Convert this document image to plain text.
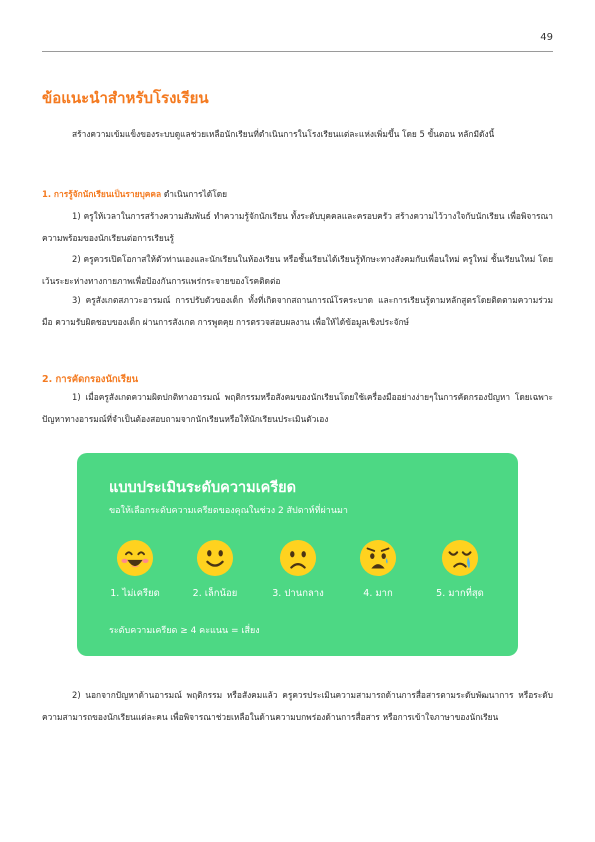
49
ข้อแนะนำสำหรับโรงเรียน

สร้างความเข้มแข็งของระบบดูแลช่วยเหลือนักเรียนที่ดำเนินการในโรงเรียนแต่ละแห่งเพิ่มขึ้น โดย 5 ขั้นตอน หลักมีดังนี้

1. การรู้จักนักเรียนเป็นรายบุคคล ดำเนินการได้โดย

1) ครูให้เวลาในการสร้างความสัมพันธ์ ทำความรู้จักนักเรียน ทั้งระดับบุคคลและครอบครัว สร้างความไว้วางใจกับนักเรียน เพื่อพิจารณาความพร้อมของนักเรียนต่อการเรียนรู้

2) ครูควรเปิดโอกาสให้ตัวท่านเองและนักเรียนในห้องเรียน หรือชั้นเรียนได้เรียนรู้ทักษะทางสังคมกับเพื่อนใหม่ ครูใหม่ ชั้นเรียนใหม่ โดยเว้นระยะห่างทางกายภาพเพื่อป้องกันการแพร่กระจายของโรคติดต่อ

3) ครูสังเกตสภาวะอารมณ์ การปรับตัวของเด็ก ทั้งที่เกิดจากสถานการณ์โรคระบาด และการเรียนรู้ตามหลักสูตรโดยติดตามความร่วมมือ ความรับผิดชอบของเด็ก ผ่านการสังเกต การพูดคุย การตรวจสอบผลงาน เพื่อให้ได้ข้อมูลเชิงประจักษ์

2. การคัดกรองนักเรียน

1) เมื่อครูสังเกตความผิดปกติทางอารมณ์ พฤติกรรมหรือสังคมของนักเรียนโดยใช้เครื่องมืออย่างง่ายๆในการคัดกรองปัญหา โดยเฉพาะปัญหาทางอารมณ์ที่จำเป็นต้องสอบถามจากนักเรียนหรือให้นักเรียนประเมินตัวเอง

แบบประเมินระดับความเครียด
ขอให้เลือกระดับความเครียดของคุณในช่วง 2 สัปดาห์ที่ผ่านมา
1. ไม่เครียด	2. เล็กน้อย	3. ปานกลาง	4. มาก	5. มากที่สุด
ระดับความเครียด ≥ 4 คะแนน = เสี่ยง

2) นอกจากปัญหาด้านอารมณ์ พฤติกรรม หรือสังคมแล้ว ครูควรประเมินความสามารถด้านการสื่อสารตามระดับพัฒนาการ หรือระดับความสามารถของนักเรียนแต่ละคน เพื่อพิจารณาช่วยเหลือในด้านความบกพร่องด้านการสื่อสาร หรือการเข้าใจภาษาของนักเรียน
